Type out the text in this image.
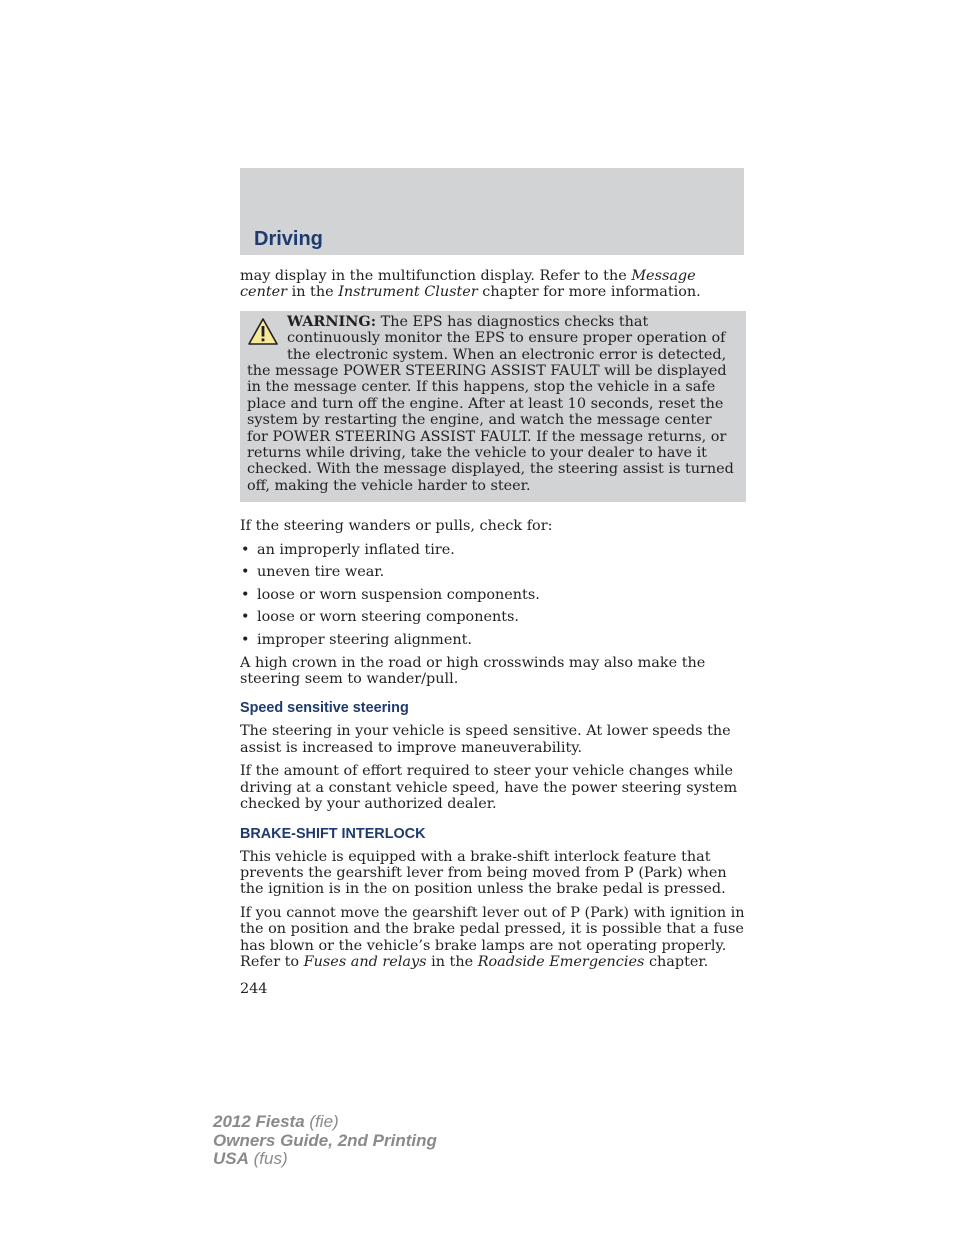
Driving

may display in the multifunction display. Refer to the Message center in the Instrument Cluster chapter for more information.

WARNING: The EPS has diagnostics checks that continuously monitor the EPS to ensure proper operation of the electronic system. When an electronic error is detected, the message POWER STEERING ASSIST FAULT will be displayed in the message center. If this happens, stop the vehicle in a safe place and turn off the engine. After at least 10 seconds, reset the system by restarting the engine, and watch the message center for POWER STEERING ASSIST FAULT. If the message returns, or returns while driving, take the vehicle to your dealer to have it checked. With the message displayed, the steering assist is turned off, making the vehicle harder to steer.

If the steering wanders or pulls, check for:

• an improperly inflated tire.
• uneven tire wear.
• loose or worn suspension components.
• loose or worn steering components.
• improper steering alignment.

A high crown in the road or high crosswinds may also make the steering seem to wander/pull.

Speed sensitive steering

The steering in your vehicle is speed sensitive. At lower speeds the assist is increased to improve maneuverability.

If the amount of effort required to steer your vehicle changes while driving at a constant vehicle speed, have the power steering system checked by your authorized dealer.

BRAKE-SHIFT INTERLOCK

This vehicle is equipped with a brake-shift interlock feature that prevents the gearshift lever from being moved from P (Park) when the ignition is in the on position unless the brake pedal is pressed.

If you cannot move the gearshift lever out of P (Park) with ignition in the on position and the brake pedal pressed, it is possible that a fuse has blown or the vehicle’s brake lamps are not operating properly. Refer to Fuses and relays in the Roadside Emergencies chapter.

244
2012 Fiesta (fie)
Owners Guide, 2nd Printing
USA (fus)
